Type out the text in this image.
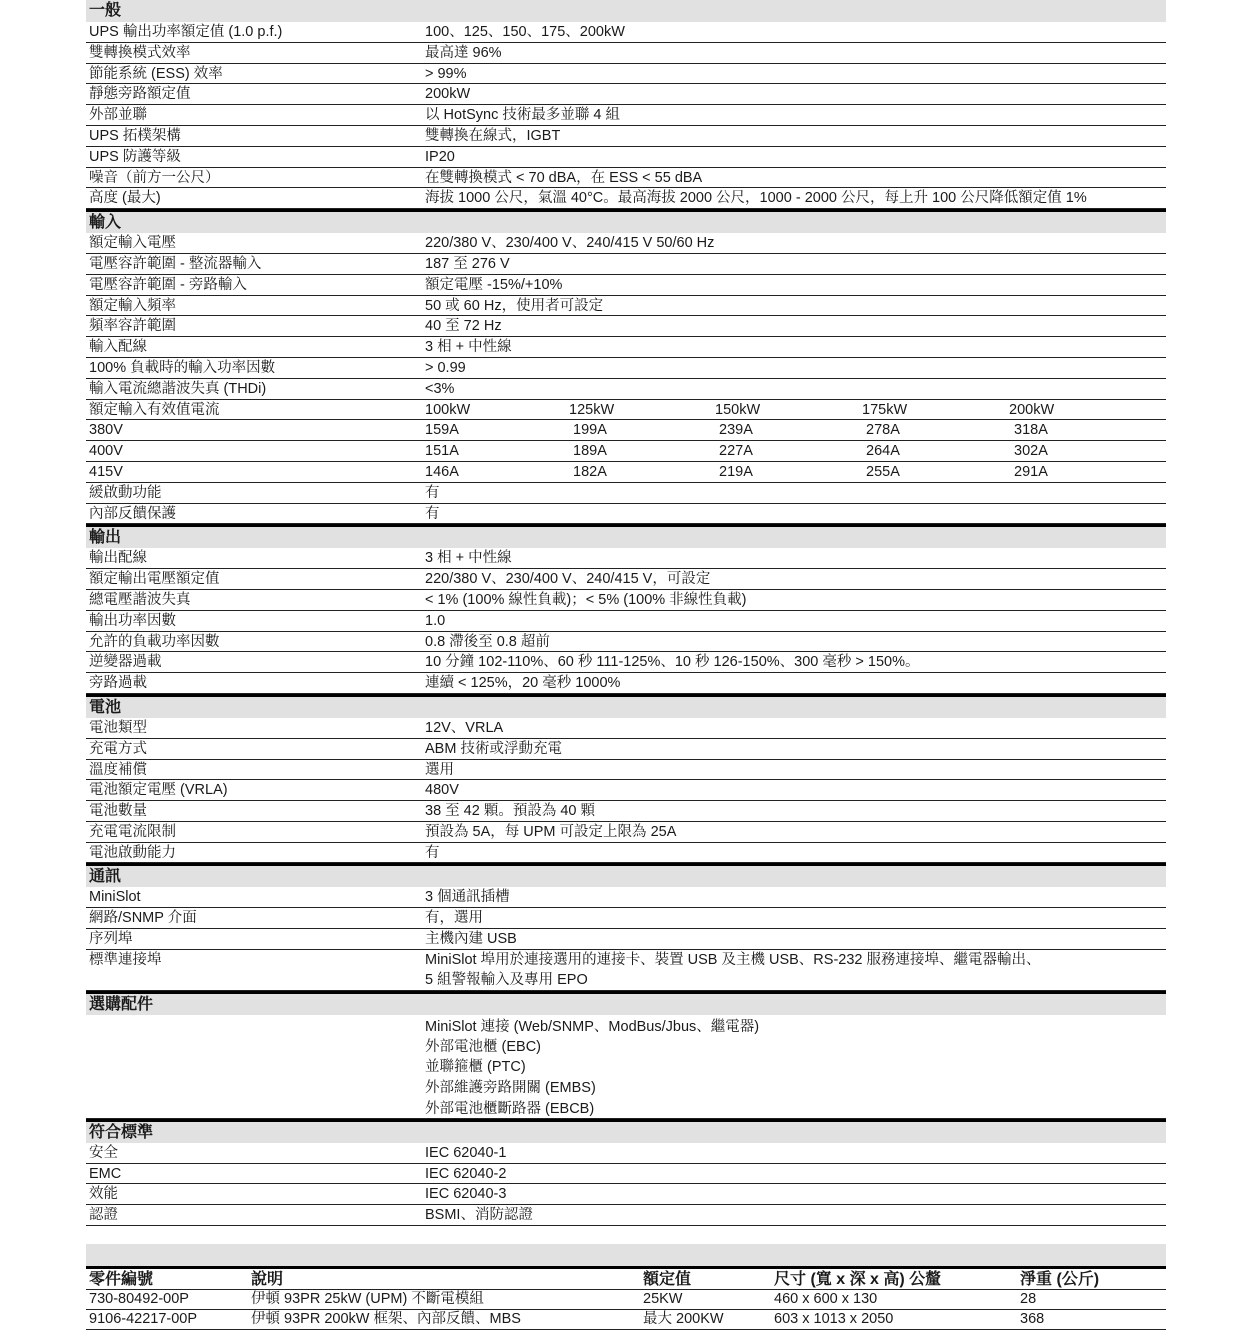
一般
UPS 輸出功率額定值 (1.0 p.f.)	100、125、150、175、200kW
雙轉換模式效率	最高達 96%
節能系統 (ESS) 效率	> 99%
靜態旁路額定值	200kW
外部並聯	以 HotSync 技術最多並聯 4 組
UPS 拓樸架構	雙轉換在線式，IGBT
UPS 防護等級	IP20
噪音（前方一公尺）	在雙轉換模式 < 70 dBA，在 ESS < 55 dBA
高度 (最大)	海拔 1000 公尺，氣溫 40°C。最高海拔 2000 公尺，1000 - 2000 公尺，每上升 100 公尺降低額定值 1%
輸入
額定輸入電壓	220/380 V、230/400 V、240/415 V 50/60 Hz
電壓容許範圍 - 整流器輸入	187 至 276 V
電壓容許範圍 - 旁路輸入	額定電壓 -15%/+10%
額定輸入頻率	50 或 60 Hz，使用者可設定
頻率容許範圍	40 至 72 Hz
輸入配線	3 相 + 中性線
100% 負載時的輸入功率因數	> 0.99
輸入電流總諧波失真 (THDi)	<3%
額定輸入有效值電流	100kW	125kW	150kW	175kW	200kW
380V	159A	199A	239A	278A	318A
400V	151A	189A	227A	264A	302A
415V	146A	182A	219A	255A	291A
緩啟動功能	有
內部反饋保護	有
輸出
輸出配線	3 相 + 中性線
額定輸出電壓額定值	220/380 V、230/400 V、240/415 V，可設定
總電壓諧波失真	< 1% (100% 線性負載)；< 5% (100% 非線性負載)
輸出功率因數	1.0
允許的負載功率因數	0.8 滯後至 0.8 超前
逆變器過載	10 分鐘 102-110%、60 秒 111-125%、10 秒 126-150%、300 毫秒 > 150%。
旁路過載	連續 < 125%，20 毫秒 1000%
電池
電池類型	12V、VRLA
充電方式	ABM 技術或浮動充電
溫度補償	選用
電池額定電壓 (VRLA)	480V
電池數量	38 至 42 顆。預設為 40 顆
充電電流限制	預設為 5A，每 UPM 可設定上限為 25A
電池啟動能力	有
通訊
MiniSlot	3 個通訊插槽
網路/SNMP 介面	有，選用
序列埠	主機內建 USB
標準連接埠	MiniSlot 埠用於連接選用的連接卡、裝置 USB 及主機 USB、RS-232 服務連接埠、繼電器輸出、
5 組警報輸入及專用 EPO
選購配件
MiniSlot 連接 (Web/SNMP、ModBus/Jbus、繼電器)
外部電池櫃 (EBC)
並聯箍櫃 (PTC)
外部維護旁路開關 (EMBS)
外部電池櫃斷路器 (EBCB)
符合標準
安全	IEC 62040-1
EMC	IEC 62040-2
效能	IEC 62040-3
認證	BSMI、消防認證
零件編號	說明	額定值	尺寸 (寬 x 深 x 高) 公釐	淨重 (公斤)
730-80492-00P	伊頓 93PR 25kW (UPM) 不斷電模組	25KW	460 x 600 x 130	28
9106-42217-00P	伊頓 93PR 200kW 框架、內部反饋、MBS	最大 200KW	603 x 1013 x 2050	368
